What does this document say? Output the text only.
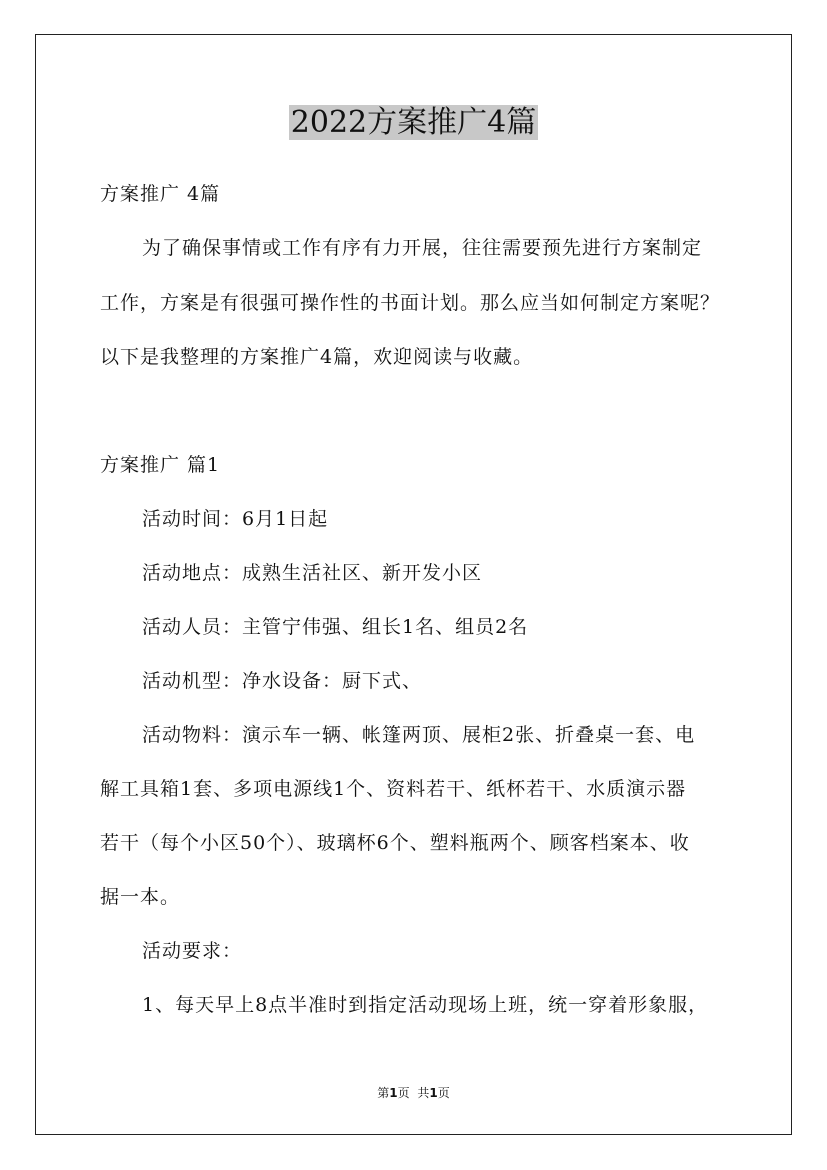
2022方案推广4篇
方案推广 4篇
为了确保事情或工作有序有力开展，往往需要预先进行方案制定
工作，方案是有很强可操作性的书面计划。那么应当如何制定方案呢？
以下是我整理的方案推广4篇，欢迎阅读与收藏。
方案推广 篇1
活动时间：6月1日起
活动地点：成熟生活社区、新开发小区
活动人员：主管宁伟强、组长1名、组员2名
活动机型：净水设备：厨下式、
活动物料：演示车一辆、帐篷两顶、展柜2张、折叠桌一套、电
解工具箱1套、多项电源线1个、资料若干、纸杯若干、水质演示器
若干（每个小区50个）、玻璃杯6个、塑料瓶两个、顾客档案本、收
据一本。
活动要求：
1、每天早上8点半准时到指定活动现场上班，统一穿着形象服，
第1页 共1页
